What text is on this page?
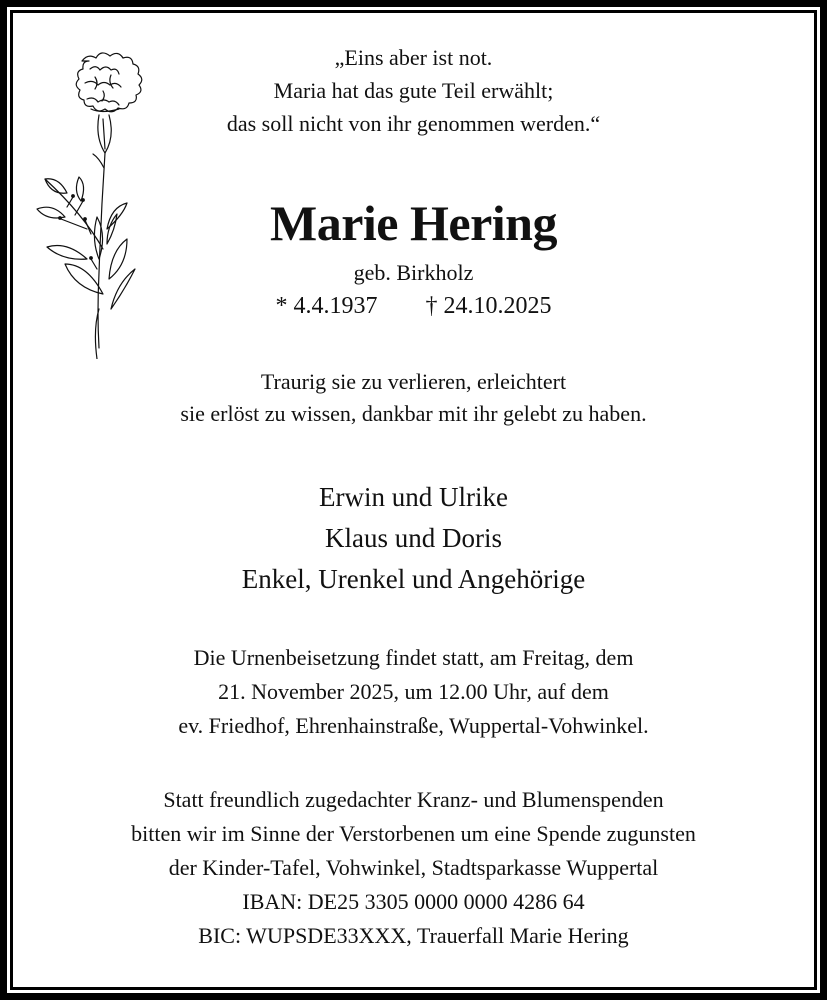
„Eins aber ist not.
Maria hat das gute Teil erwählt;
das soll nicht von ihr genommen werden.“
Marie Hering
geb. Birkholz
* 4.4.1937 † 24.10.2025
Traurig sie zu verlieren, erleichtert
sie erlöst zu wissen, dankbar mit ihr gelebt zu haben.
Erwin und Ulrike
Klaus und Doris
Enkel, Urenkel und Angehörige
Die Urnenbeisetzung findet statt, am Freitag, dem
21. November 2025, um 12.00 Uhr, auf dem
ev. Friedhof, Ehrenhainstraße, Wuppertal-Vohwinkel.
Statt freundlich zugedachter Kranz- und Blumenspenden
bitten wir im Sinne der Verstorbenen um eine Spende zugunsten
der Kinder-Tafel, Vohwinkel, Stadtsparkasse Wuppertal
IBAN: DE25 3305 0000 0000 4286 64
BIC: WUPSDE33XXX, Trauerfall Marie Hering
